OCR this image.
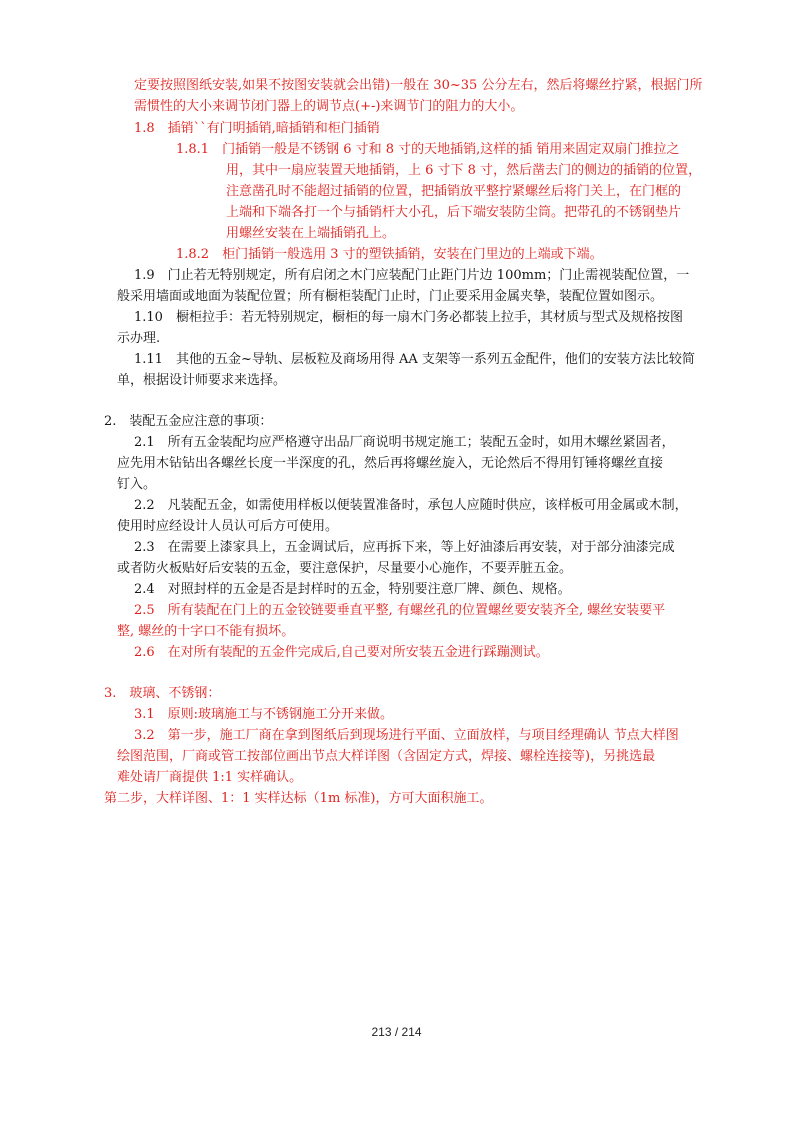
定要按照图纸安装,如果不按图安装就会出错)一般在 30~35 公分左右，然后将螺丝拧紧，根据门所
需惯性的大小来调节闭门器上的调节点(+-)来调节门的阻力的大小。
1.8　插销``有门明插销,暗插销和柜门插销
1.8.1　门插销一般是不锈钢 6 寸和 8 寸的天地插销,这样的插 销用来固定双扇门推拉之
用，其中一扇应装置天地插销，上 6 寸下 8 寸，然后凿去门的侧边的插销的位置，
注意凿孔时不能超过插销的位置，把插销放平整拧紧螺丝后将门关上，在门框的
上端和下端各打一个与插销杆大小孔，后下端安装防尘筒。把带孔的不锈钢垫片
用螺丝安装在上端插销孔上。
1.8.2　柜门插销一般选用 3 寸的塑铁插销，安装在门里边的上端或下端。
1.9　门止若无特别规定，所有启闭之木门应装配门止距门片边 100mm；门止需视装配位置，一
般采用墙面或地面为装配位置；所有橱柜装配门止时，门止要采用金属夹挚，装配位置如图示。
1.10　橱柜拉手：若无特别规定，橱柜的每一扇木门务必都装上拉手，其材质与型式及规格按图
示办理.
1.11　其他的五金~导轨、层板粒及商场用得 AA 支架等一系列五金配件，他们的安装方法比较简
单，根据设计师要求来选择。
2.　装配五金应注意的事项：
2.1　所有五金装配均应严格遵守出品厂商说明书规定施工；装配五金时，如用木螺丝紧固者，
应先用木钻钻出各螺丝长度一半深度的孔，然后再将螺丝旋入，无论然后不得用钉锤将螺丝直接
钉入。
2.2　凡装配五金，如需使用样板以便装置准备时，承包人应随时供应，该样板可用金属或木制，
使用时应经设计人员认可后方可使用。
2.3　在需要上漆家具上，五金调试后，应再拆下来，等上好油漆后再安装，对于部分油漆完成
或者防火板贴好后安装的五金，要注意保护，尽量要小心施作，不要弄脏五金。
2.4　对照封样的五金是否是封样时的五金，特别要注意厂牌、颜色、规格。
2.5　所有装配在门上的五金铰链要垂直平整, 有螺丝孔的位置螺丝要安装齐全, 螺丝安装要平
整, 螺丝的十字口不能有损坏。
2.6　在对所有装配的五金件完成后,自己要对所安装五金进行踩蹦测试。
3.　玻璃、不锈钢：
3.1　原则:玻璃施工与不锈钢施工分开来做。
3.2　第一步，施工厂商在拿到图纸后到现场进行平面、立面放样，与项目经理确认 节点大样图
绘图范围，厂商或管工按部位画出节点大样详图（含固定方式，焊接、螺栓连接等)，另挑选最
难处请厂商提供 1:1 实样确认。
第二步，大样详图、1：1 实样达标（1m 标准)，方可大面积施工。
213 / 214
